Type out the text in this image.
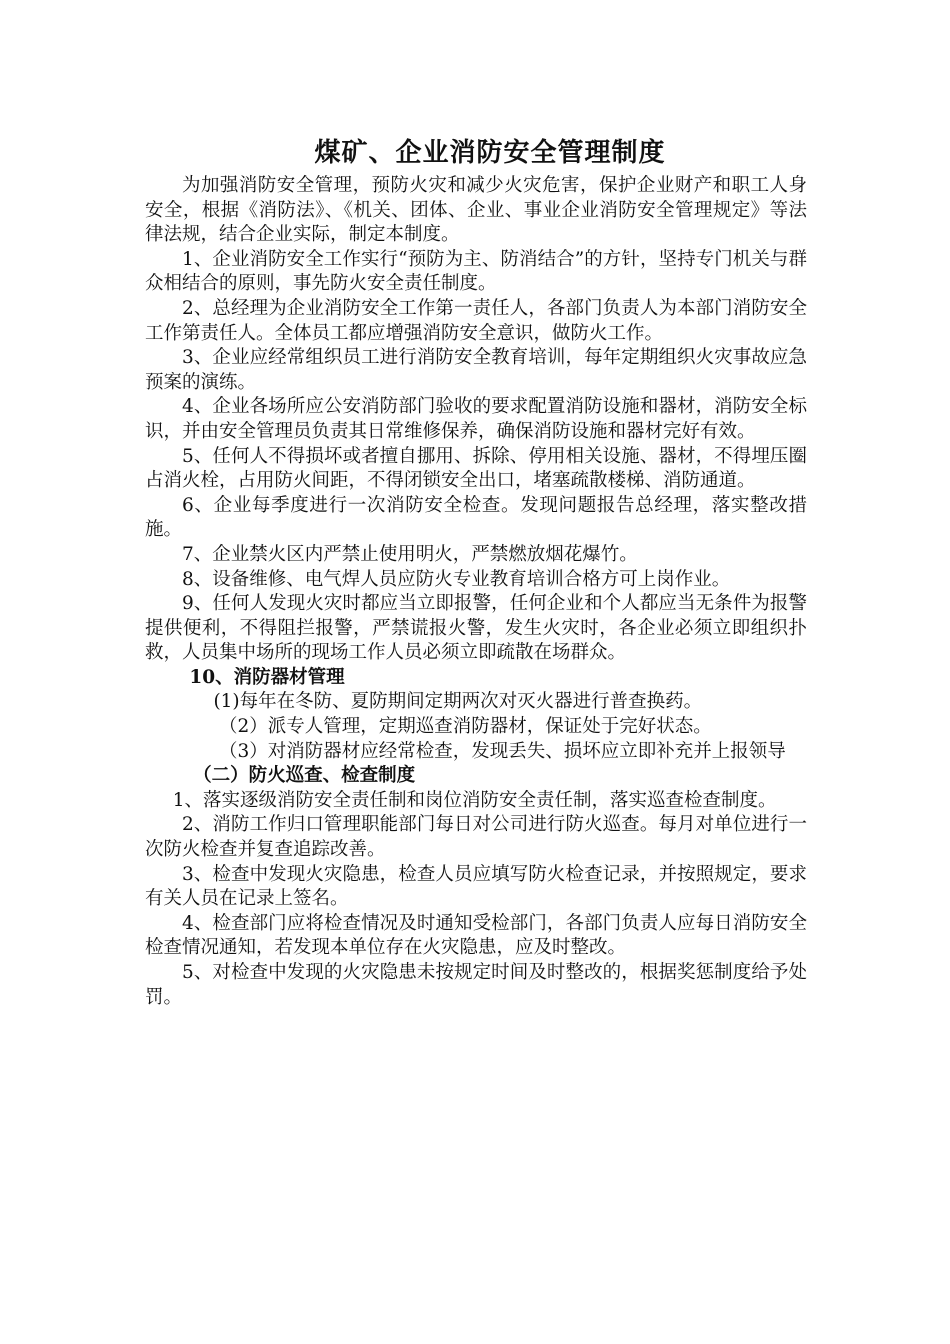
煤矿、企业消防安全管理制度

为加强消防安全管理，预防火灾和减少火灾危害，保护企业财产和职工人身安全，根据《消防法》、《机关、团体、企业、事业企业消防安全管理规定》等法律法规，结合企业实际，制定本制度。

1、企业消防安全工作实行“预防为主、防消结合”的方针，坚持专门机关与群众相结合的原则，事先防火安全责任制度。

2、总经理为企业消防安全工作第一责任人，各部门负责人为本部门消防安全工作第责任人。全体员工都应增强消防安全意识，做防火工作。

3、企业应经常组织员工进行消防安全教育培训，每年定期组织火灾事故应急预案的演练。

4、企业各场所应公安消防部门验收的要求配置消防设施和器材，消防安全标识，并由安全管理员负责其日常维修保养，确保消防设施和器材完好有效。

5、任何人不得损坏或者擅自挪用、拆除、停用相关设施、器材，不得埋压圈占消火栓，占用防火间距，不得闭锁安全出口，堵塞疏散楼梯、消防通道。

6、企业每季度进行一次消防安全检查。发现问题报告总经理，落实整改措施。

7、企业禁火区内严禁止使用明火，严禁燃放烟花爆竹。

8、设备维修、电气焊人员应防火专业教育培训合格方可上岗作业。

9、任何人发现火灾时都应当立即报警，任何企业和个人都应当无条件为报警提供便利，不得阻拦报警，严禁谎报火警，发生火灾时，各企业必须立即组织扑救，人员集中场所的现场工作人员必须立即疏散在场群众。

10、消防器材管理

(1)每年在冬防、夏防期间定期两次对灭火器进行普查换药。

（2）派专人管理，定期巡查消防器材，保证处于完好状态。

（3）对消防器材应经常检查，发现丢失、损坏应立即补充并上报领导

（二）防火巡查、检查制度

1、落实逐级消防安全责任制和岗位消防安全责任制，落实巡查检查制度。

2、消防工作归口管理职能部门每日对公司进行防火巡查。每月对单位进行一次防火检查并复查追踪改善。

3、检查中发现火灾隐患，检查人员应填写防火检查记录，并按照规定，要求有关人员在记录上签名。

4、检查部门应将检查情况及时通知受检部门，各部门负责人应每日消防安全检查情况通知，若发现本单位存在火灾隐患，应及时整改。

5、对检查中发现的火灾隐患未按规定时间及时整改的，根据奖惩制度给予处罚。
